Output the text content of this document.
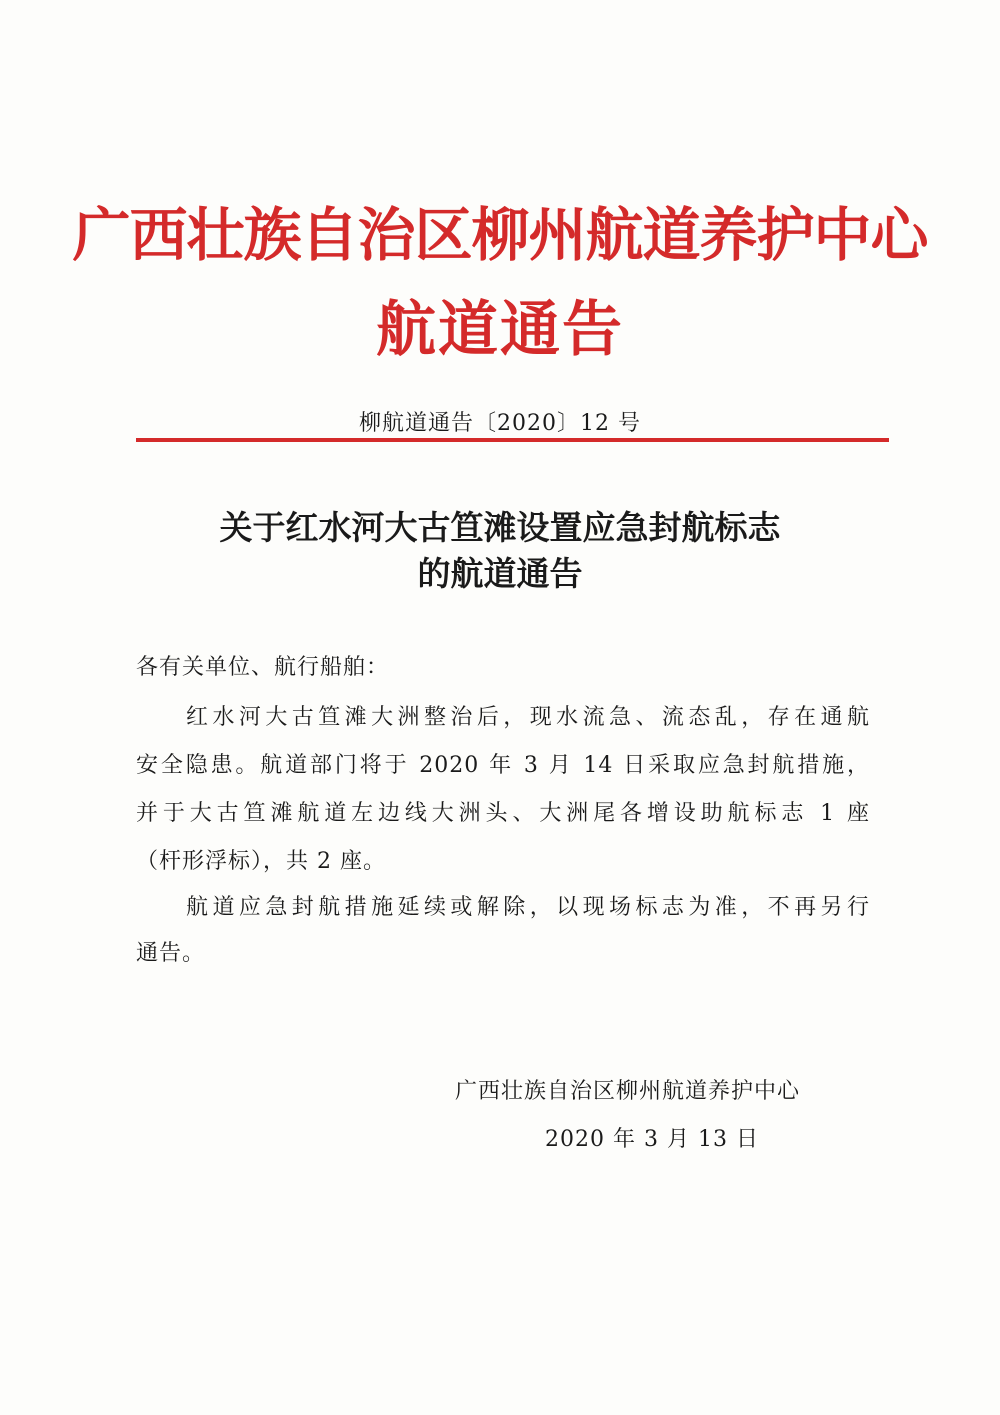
广西壮族自治区柳州航道养护中心
航道通告

柳航道通告〔2020〕12 号

关于红水河大古笪滩设置应急封航标志
的航道通告

各有关单位、航行船舶：

红水河大古笪滩大洲整治后，现水流急、流态乱，存在通航

安全隐患。航道部门将于 2020 年 3 月 14 日采取应急封航措施，

并于大古笪滩航道左边线大洲头、大洲尾各增设助航标志 1 座

（杆形浮标），共 2 座。

航道应急封航措施延续或解除，以现场标志为准，不再另行

通告。

广西壮族自治区柳州航道养护中心

2020 年 3 月 13 日
